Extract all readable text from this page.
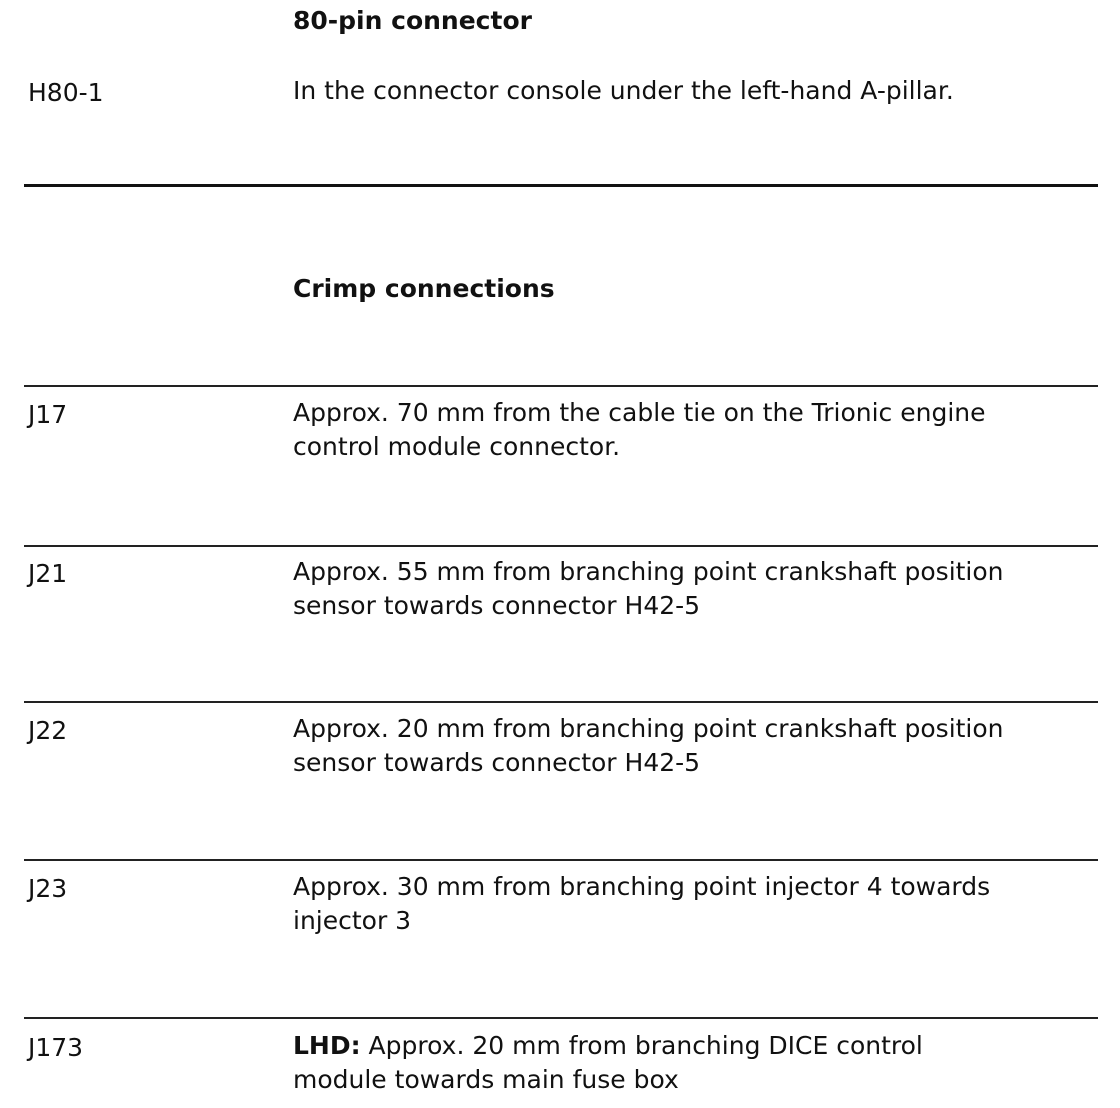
80-pin connector
H80-1	In the connector console under the left-hand A-pillar.
Crimp connections
J17	Approx. 70 mm from the cable tie on the Trionic engine
control module connector.
J21	Approx. 55 mm from branching point crankshaft position
sensor towards connector H42-5
J22	Approx. 20 mm from branching point crankshaft position
sensor towards connector H42-5
J23	Approx. 30 mm from branching point injector 4 towards
injector 3
J173	LHD: Approx. 20 mm from branching DICE control
module towards main fuse box
